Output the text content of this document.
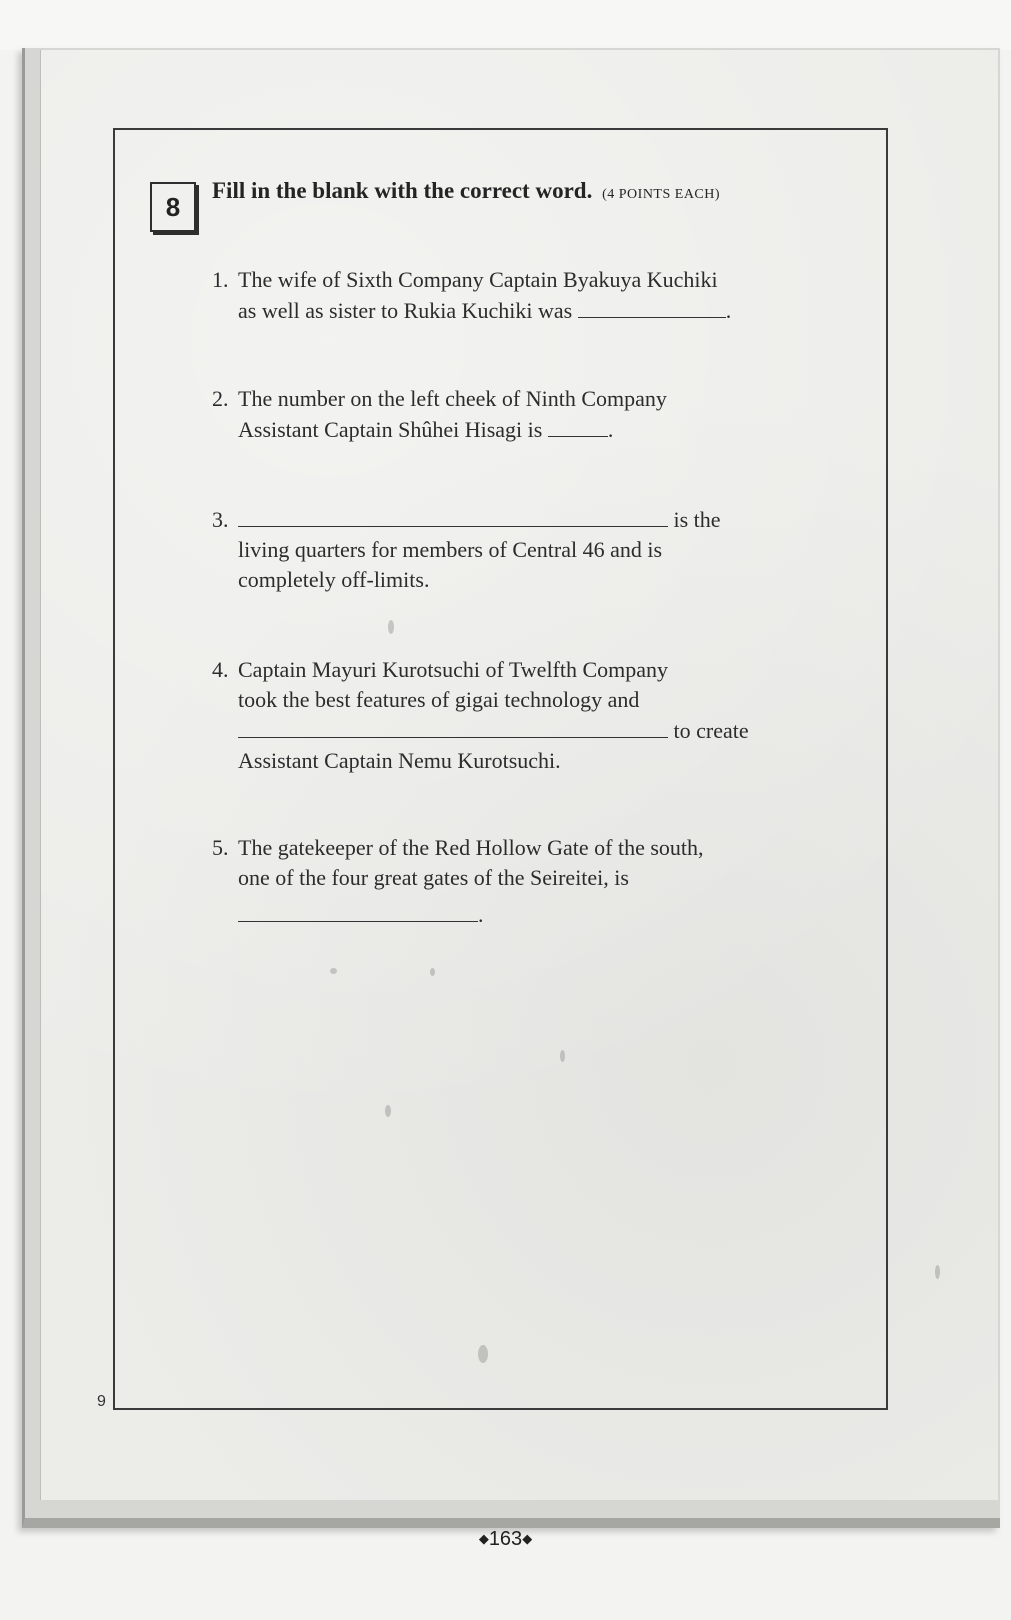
8
Fill in the blank with the correct word. (4 POINTS EACH)
1. The wife of Sixth Company Captain Byakuya Kuchiki
as well as sister to Rukia Kuchiki was	.
2. The number on the left cheek of Ninth Company
Assistant Captain Shûhei Hisagi is	.
3.	is the
living quarters for members of Central 46 and is
completely off-limits.
4. Captain Mayuri Kurotsuchi of Twelfth Company
took the best features of gigai technology and
to create
Assistant Captain Nemu Kurotsuchi.
5. The gatekeeper of the Red Hollow Gate of the south,
one of the four great gates of the Seireitei, is
.
9
◆163◆
